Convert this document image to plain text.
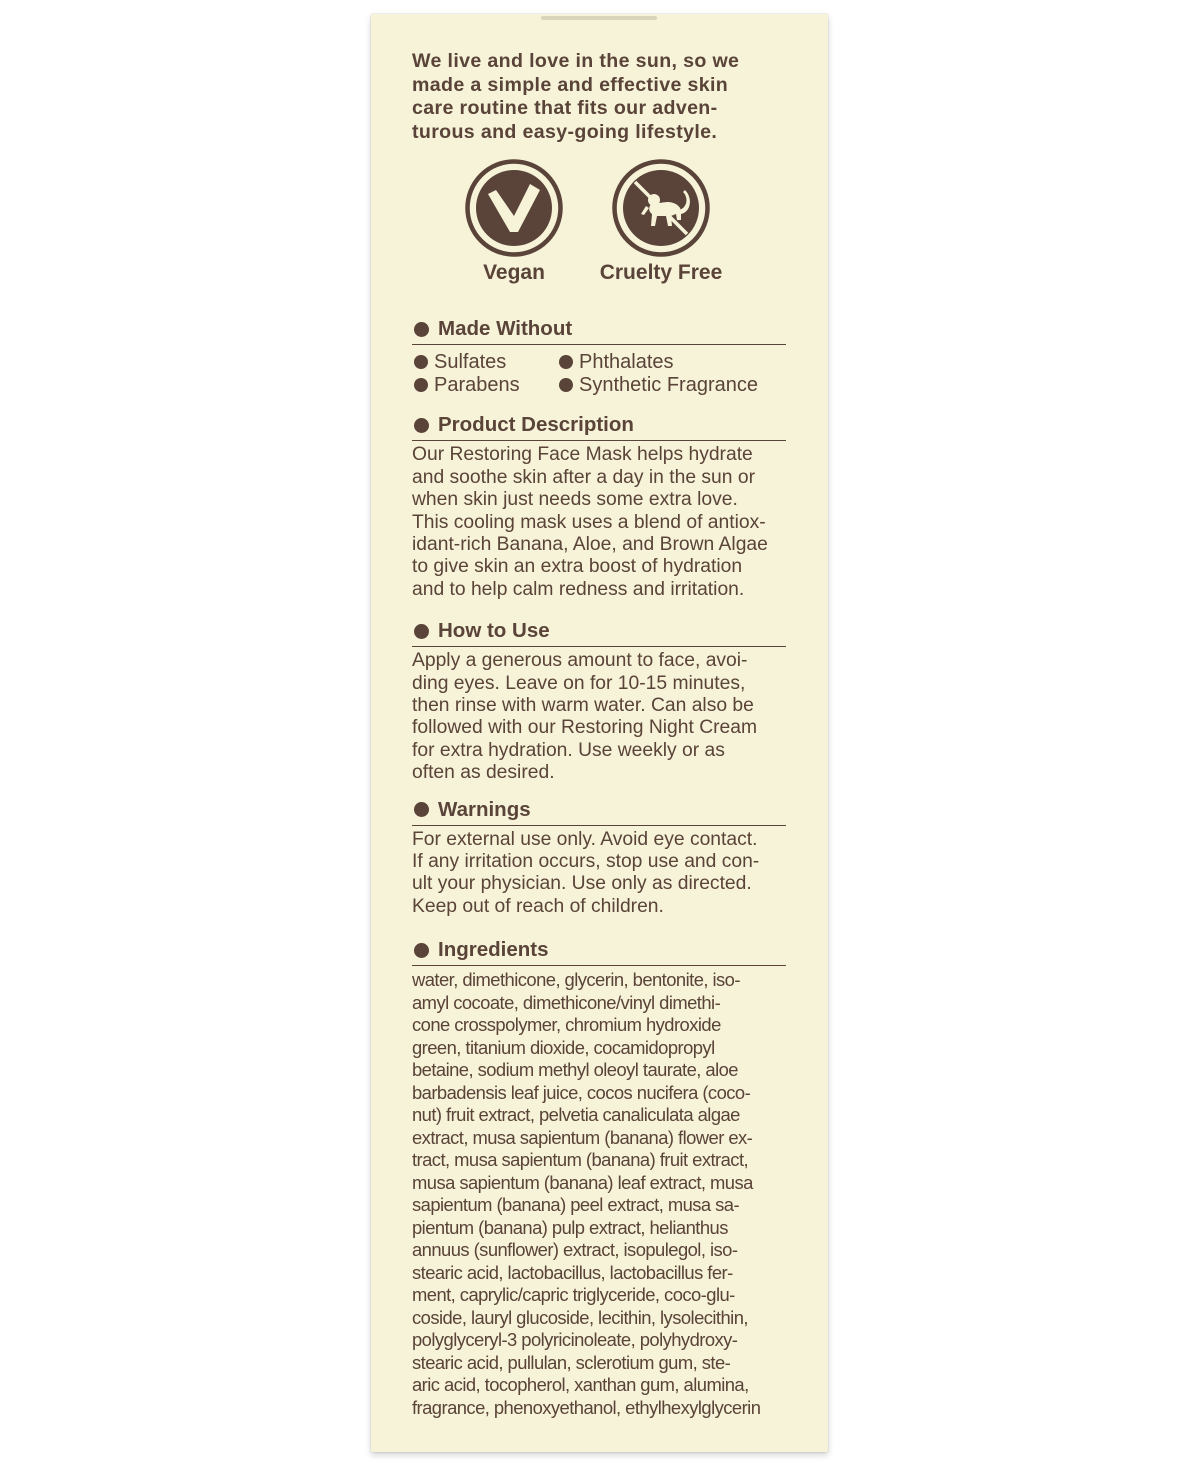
We live and love in the sun, so we
made a simple and effective skin
care routine that fits our adven-
turous and easy-going lifestyle.

Vegan	Cruelty Free
Made Without
Sulfates	Phthalates
Parabens	Synthetic Fragrance
Product Description

Our Restoring Face Mask helps hydrate
and soothe skin after a day in the sun or
when skin just needs some extra love.
This cooling mask uses a blend of antiox-
idant-rich Banana, Aloe, and Brown Algae
to give skin an extra boost of hydration
and to help calm redness and irritation.

How to Use

Apply a generous amount to face, avoi-
ding eyes. Leave on for 10-15 minutes,
then rinse with warm water. Can also be
followed with our Restoring Night Cream
for extra hydration. Use weekly or as
often as desired.

Warnings

For external use only. Avoid eye contact.
If any irritation occurs, stop use and con-
ult your physician. Use only as directed.
Keep out of reach of children.

Ingredients

water, dimethicone, glycerin, bentonite, iso-
amyl cocoate, dimethicone/vinyl dimethi-
cone crosspolymer, chromium hydroxide
green, titanium dioxide, cocamidopropyl
betaine, sodium methyl oleoyl taurate, aloe
barbadensis leaf juice, cocos nucifera (coco-
nut) fruit extract, pelvetia canaliculata algae
extract, musa sapientum (banana) flower ex-
tract, musa sapientum (banana) fruit extract,
musa sapientum (banana) leaf extract, musa
sapientum (banana) peel extract, musa sa-
pientum (banana) pulp extract, helianthus
annuus (sunflower) extract, isopulegol, iso-
stearic acid, lactobacillus, lactobacillus fer-
ment, caprylic/capric triglyceride, coco-glu-
coside, lauryl glucoside, lecithin, lysolecithin,
polyglyceryl-3 polyricinoleate, polyhydroxy-
stearic acid, pullulan, sclerotium gum, ste-
aric acid, tocopherol, xanthan gum, alumina,
fragrance, phenoxyethanol, ethylhexylglycerin
